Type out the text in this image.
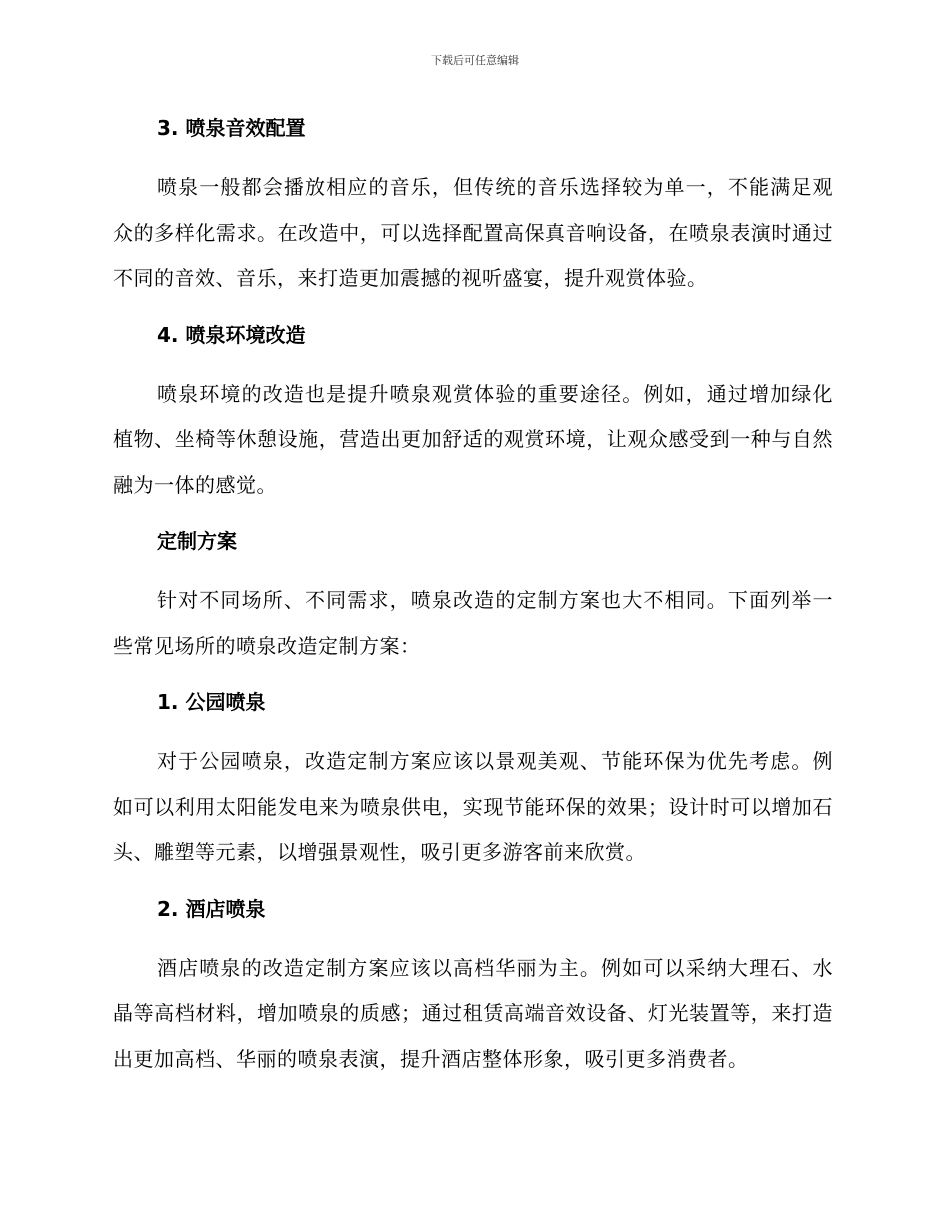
下载后可任意编辑

3. 喷泉音效配置

喷泉一般都会播放相应的音乐，但传统的音乐选择较为单一，不能满足观众的多样化需求。在改造中，可以选择配置高保真音响设备，在喷泉表演时通过不同的音效、音乐，来打造更加震撼的视听盛宴，提升观赏体验。

4. 喷泉环境改造

喷泉环境的改造也是提升喷泉观赏体验的重要途径。例如，通过增加绿化植物、坐椅等休憩设施，营造出更加舒适的观赏环境，让观众感受到一种与自然融为一体的感觉。

定制方案

针对不同场所、不同需求，喷泉改造的定制方案也大不相同。下面列举一些常见场所的喷泉改造定制方案：

1. 公园喷泉

对于公园喷泉，改造定制方案应该以景观美观、节能环保为优先考虑。例如可以利用太阳能发电来为喷泉供电，实现节能环保的效果；设计时可以增加石头、雕塑等元素，以增强景观性，吸引更多游客前来欣赏。

2. 酒店喷泉

酒店喷泉的改造定制方案应该以高档华丽为主。例如可以采纳大理石、水晶等高档材料，增加喷泉的质感；通过租赁高端音效设备、灯光装置等，来打造出更加高档、华丽的喷泉表演，提升酒店整体形象，吸引更多消费者。
